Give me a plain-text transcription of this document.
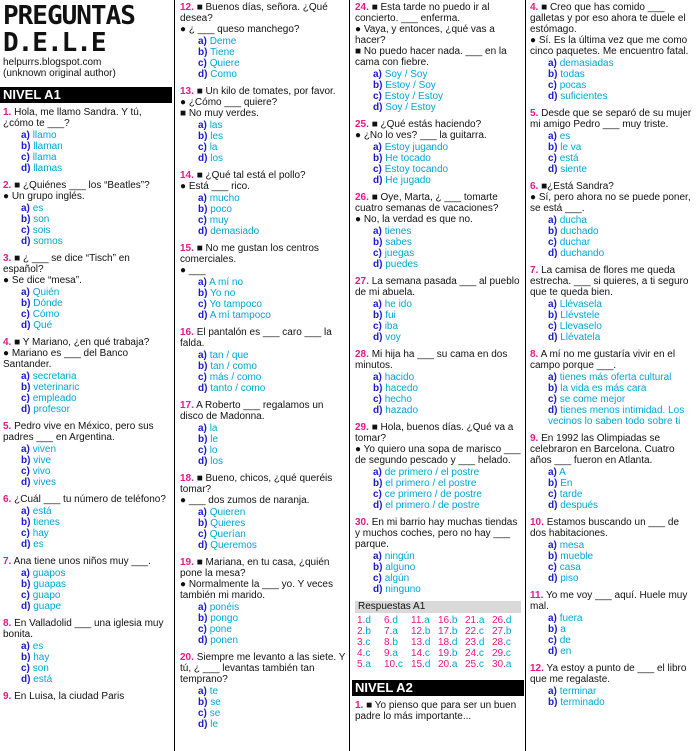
PREGUNTAS
D.E.L.E
helpurrs.blogspot.com
(unknown original author)
NIVEL A1
1. Hola, me llamo Sandra. Y tú, ¿cómo te ___?
a) llamo
b) llaman
c) llama
d) llamas
2. ■ ¿Quiénes ___ los “Beatles”?
● Un grupo inglés.
a) es
b) son
c) sois
d) somos
3. ■ ¿ ___ se dice “Tisch” en español?
● Se dice “mesa”.
a) Quién
b) Dónde
c) Cómo
d) Qué
4. ■ Y Mariano, ¿en qué trabaja?
● Mariano es ___ del Banco Santander.
a) secretaria
b) veterinaric
c) empleado
d) profesor
5. Pedro vive en México, pero sus padres ___ en Argentina.
a) viven
b) vive
c) vivo
d) vives
6. ¿Cuál ___ tu número de teléfono?
a) está
b) tienes
c) hay
d) es
7. Ana tiene unos niños muy ___.
a) guapos
b) guapas
c) guapo
d) guape
8. En Valladolid ___ una iglesia muy bonita.
a) es
b) hay
c) son
d) está
9. En Luisa, la ciudad Paris
12. ■ Buenos días, señora. ¿Qué desea?
● ¿ ___ queso manchego?
a) Deme
b) Tiene
c) Quiere
d) Como
13. ■ Un kilo de tomates, por favor.
● ¿Cómo ___ quiere?
■ No muy verdes.
a) las
b) les
c) la
d) los
14. ■ ¿Qué tal está el pollo?
● Está ___ rico.
a) mucho
b) poco
c) muy
d) demasiado
15. ■ No me gustan los centros comerciales.
● ___
a) A mí no
b) Yo no
c) Yo tampoco
d) A mí tampoco
16. El pantalón es ___ caro ___ la falda.
a) tan / que
b) tan / como
c) más / como
d) tanto / como
17. A Roberto ___ regalamos un disco de Madonna.
a) la
b) le
c) lo
d) los
18. ■ Bueno, chicos, ¿qué queréis tomar?
● ___ dos zumos de naranja.
a) Quieren
b) Quieres
c) Querían
d) Queremos
19. ■ Mariana, en tu casa, ¿quién pone la mesa?
● Normalmente la ___ yo. Y veces también mi marido.
a) ponéis
b) pongo
c) pone
d) ponen
20. Siempre me levanto a las siete. Y tú, ¿ ___ levantas también tan temprano?
a) te
b) se
c) se
d) le
24. ■ Esta tarde no puedo ir al concierto. ___ enferma.
● Vaya, y entonces, ¿qué vas a hacer?
■ No puedo hacer nada. ___ en la cama con fiebre.
a) Soy / Soy
b) Estoy / Soy
c) Estoy / Estoy
d) Soy / Estoy
25. ■ ¿Qué estás haciendo?
● ¿No lo ves? ___ la guitarra.
a) Estoy jugando
b) He tocado
c) Estoy tocando
d) He jugado
26. ■ Oye, Marta, ¿ ___ tomarte cuatro semanas de vacaciones?
● No, la verdad es que no.
a) tienes
b) sabes
c) juegas
d) puedes
27. La semana pasada ___ al pueblo de mi abuela.
a) he ido
b) fui
c) iba
d) voy
28. Mi hija ha ___ su cama en dos minutos.
a) hacido
b) hacedo
c) hecho
d) hazado
29. ■ Hola, buenos días. ¿Qué va a tomar?
● Yo quiero una sopa de marisco ___ de segundo pescado y ___ helado.
a) de primero / el postre
b) el primero / el postre
c) ce primero / de postre
d) el primero / de postre
30. En mi barrio hay muchas tiendas y muchos coches, pero no hay ___ parque.
a) ningún
b) alguno
c) algún
d) ninguno
Respuestas A1
1.d	6.d	11.a 16.b 21.a 26.d
2.b	7.a	12.b 17.b 22.c 27.b
3.c	8.b	13.d 18.d 23.d 28.c
4.c	9.a	14.c 19.b 24.c 29.c
5.a	10.c 15.d 20.a 25.c 30.a
NIVEL A2
1. ■ Yo pienso que para ser un buen padre lo más importante...
4. ■ Creo que has comido ___ galletas y por eso ahora te duele el estómago.
● Sí. Es la última vez que me como cinco paquetes. Me encuentro fatal.
a) demasiadas
b) todas
c) pocas
d) suficientes
5. Desde que se separó de su mujer mi amigo Pedro ___ muy triste.
a) es
b) le va
c) está
d) siente
6. ■¿Está Sandra?
● Sí, pero ahora no se puede poner, se está ___.
a) ducha
b) duchado
c) duchar
d) duchando
7. La camisa de flores me queda estrecha. ___ si quieres, a ti seguro que te queda bien.
a) Llévasela
b) Llévstele
c) Llevaselo
d) Llévatela
8. A mí no me gustaría vivir en el campo porque ___.
a) tienes más oferta cultural
b) la vida es más cara
c) se come mejor
d) tienes menos intimidad. Los vecinos lo saben todo sobre ti
9. En 1992 las Olimpiadas se celebraron en Barcelona. Cuatro años ___ fueron en Atlanta.
a) A
b) En
c) tarde
d) después
10. Estamos buscando un ___ de dos habitaciones.
a) mesa
b) mueble
c) casa
d) piso
11. Yo me voy ___ aquí. Huele muy mal.
a) fuera
b) a
c) de
d) en
12. Ya estoy a punto de ___ el libro que me regalaste.
a) terminar
b) terminado
